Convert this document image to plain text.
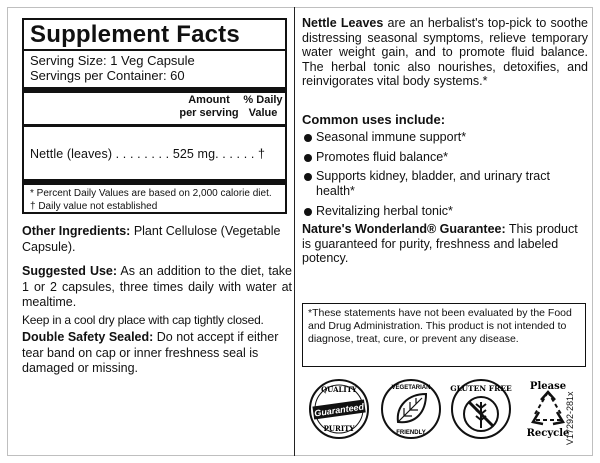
Supplement Facts
Serving Size: 1 Veg Capsule
Servings per Container: 60
Amount
per serving
% Daily
Value
Nettle (leaves) . . . . . . . . 525 mg. . . . . . †
* Percent Daily Values are based on 2,000 calorie diet.
† Daily value not established
Other Ingredients: Plant Cellulose (Vegetable Capsule).
Suggested Use: As an addition to the diet, take 1 or 2 capsules, three times daily with water at mealtime.
Keep in a cool dry place with cap tightly closed.
Double Safety Sealed: Do not accept if either tear band on cap or inner freshness seal is damaged or missing.
Nettle Leaves are an herbalist's top-pick to soothe distressing seasonal symptoms, relieve temporary water weight gain, and to promote fluid balance. The herbal tonic also nourishes, detoxifies, and reinvigorates vital body systems.*
Common uses include:
Seasonal immune support*
Promotes fluid balance*
Supports kidney, bladder, and urinary tract health*
Revitalizing herbal tonic*
Nature's Wonderland® Guarantee: This product is guaranteed for purity, freshness and labeled potency.
*These statements have not been evaluated by the Food and Drug Administration. This product is not intended to diagnose, treat, cure, or prevent any disease.
QUALITY
Guaranteed
PURITY
VEGETARIAN
FRIENDLY
GLUTEN FREE Please
Recycle
V17292-281x
